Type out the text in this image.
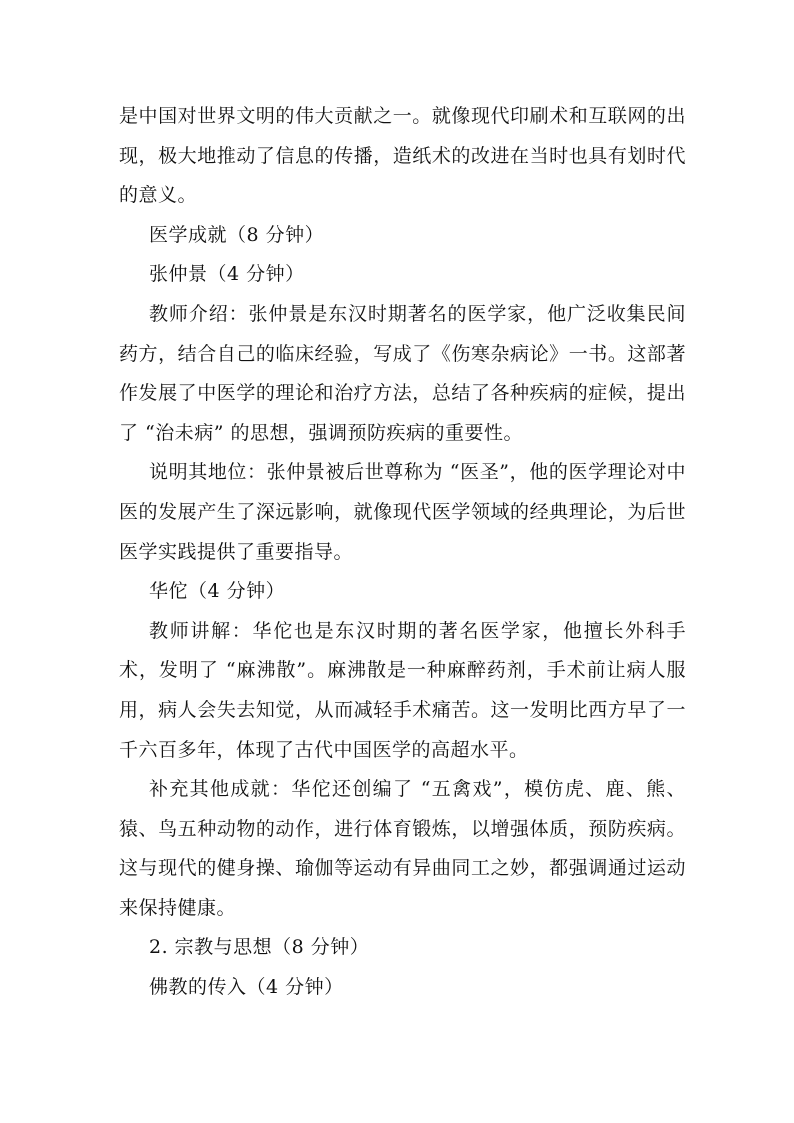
是中国对世界文明的伟大贡献之一。就像现代印刷术和互联网的出现，极大地推动了信息的传播，造纸术的改进在当时也具有划时代的意义。

医学成就（8 分钟）

张仲景（4 分钟）

教师介绍：张仲景是东汉时期著名的医学家，他广泛收集民间药方，结合自己的临床经验，写成了《伤寒杂病论》一书。这部著作发展了中医学的理论和治疗方法，总结了各种疾病的症候，提出了 “治未病” 的思想，强调预防疾病的重要性。

说明其地位：张仲景被后世尊称为 “医圣”，他的医学理论对中医的发展产生了深远影响，就像现代医学领域的经典理论，为后世医学实践提供了重要指导。

华佗（4 分钟）

教师讲解：华佗也是东汉时期的著名医学家，他擅长外科手术，发明了 “麻沸散”。麻沸散是一种麻醉药剂，手术前让病人服用，病人会失去知觉，从而减轻手术痛苦。这一发明比西方早了一千六百多年，体现了古代中国医学的高超水平。

补充其他成就：华佗还创编了 “五禽戏”，模仿虎、鹿、熊、猿、鸟五种动物的动作，进行体育锻炼，以增强体质，预防疾病。这与现代的健身操、瑜伽等运动有异曲同工之妙，都强调通过运动来保持健康。

2. 宗教与思想（8 分钟）

佛教的传入（4 分钟）
